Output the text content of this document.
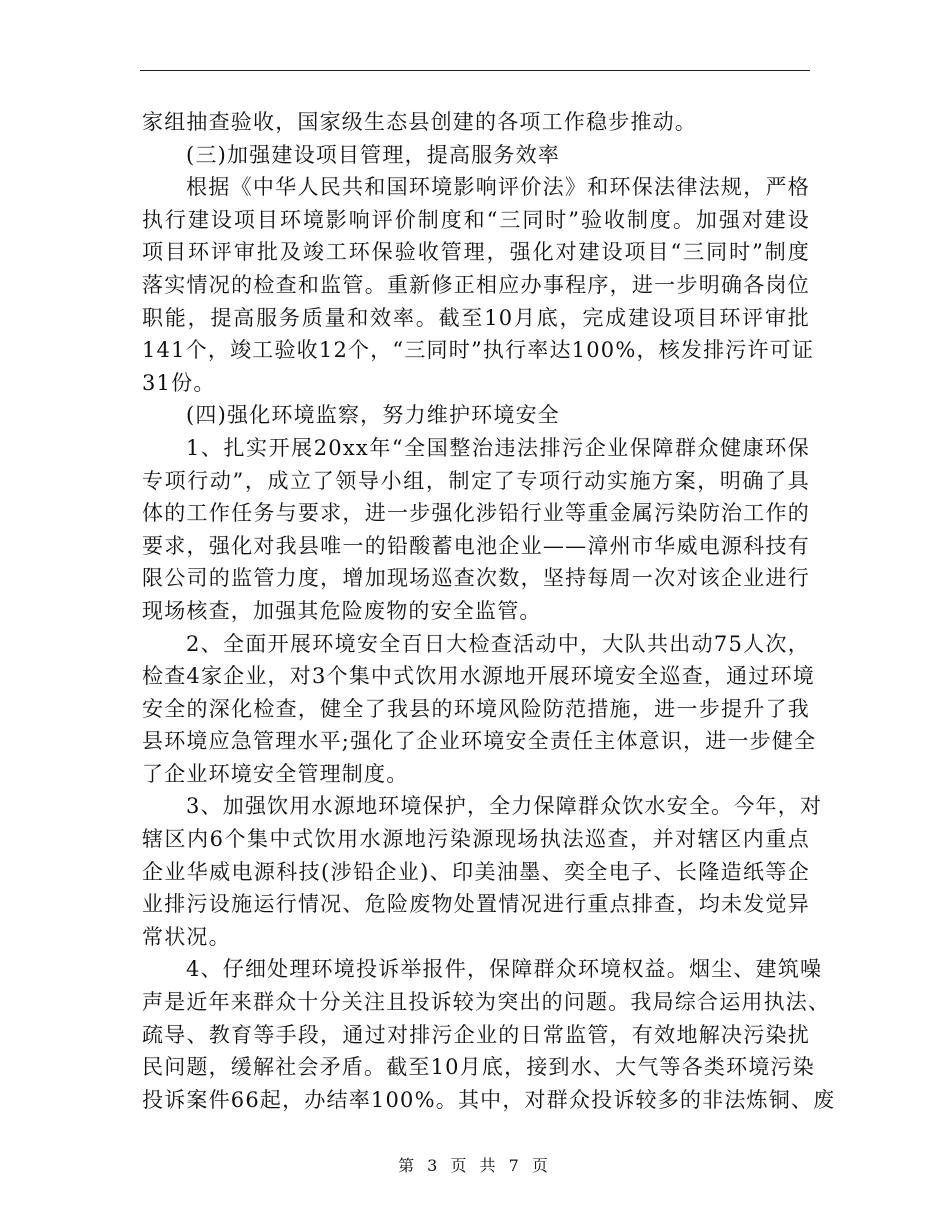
家组抽查验收，国家级生态县创建的各项工作稳步推动。
(三)加强建设项目管理，提高服务效率
根据《中华人民共和国环境影响评价法》和环保法律法规，严格
执行建设项目环境影响评价制度和“三同时”验收制度。加强对建设
项目环评审批及竣工环保验收管理，强化对建设项目“三同时”制度
落实情况的检查和监管。重新修正相应办事程序，进一步明确各岗位
职能，提高服务质量和效率。截至10月底，完成建设项目环评审批
141个，竣工验收12个，“三同时”执行率达100%，核发排污许可证
31份。
(四)强化环境监察，努力维护环境安全
1、扎实开展20xx年“全国整治违法排污企业保障群众健康环保
专项行动”，成立了领导小组，制定了专项行动实施方案，明确了具
体的工作任务与要求，进一步强化涉铅行业等重金属污染防治工作的
要求，强化对我县唯一的铅酸蓄电池企业——漳州市华威电源科技有
限公司的监管力度，增加现场巡查次数，坚持每周一次对该企业进行
现场核查，加强其危险废物的安全监管。
2、全面开展环境安全百日大检查活动中，大队共出动75人次，
检查4家企业，对3个集中式饮用水源地开展环境安全巡查，通过环境
安全的深化检查，健全了我县的环境风险防范措施，进一步提升了我
县环境应急管理水平;强化了企业环境安全责任主体意识，进一步健全
了企业环境安全管理制度。
3、加强饮用水源地环境保护，全力保障群众饮水安全。今年，对
辖区内6个集中式饮用水源地污染源现场执法巡查，并对辖区内重点
企业华威电源科技(涉铅企业)、印美油墨、奕全电子、长隆造纸等企
业排污设施运行情况、危险废物处置情况进行重点排查，均未发觉异
常状况。
4、仔细处理环境投诉举报件，保障群众环境权益。烟尘、建筑噪
声是近年来群众十分关注且投诉较为突出的问题。我局综合运用执法、
疏导、教育等手段，通过对排污企业的日常监管，有效地解决污染扰
民问题，缓解社会矛盾。截至10月底，接到水、大气等各类环境污染
投诉案件66起，办结率100%。其中，对群众投诉较多的非法炼铜、废
第 3 页 共 7 页
